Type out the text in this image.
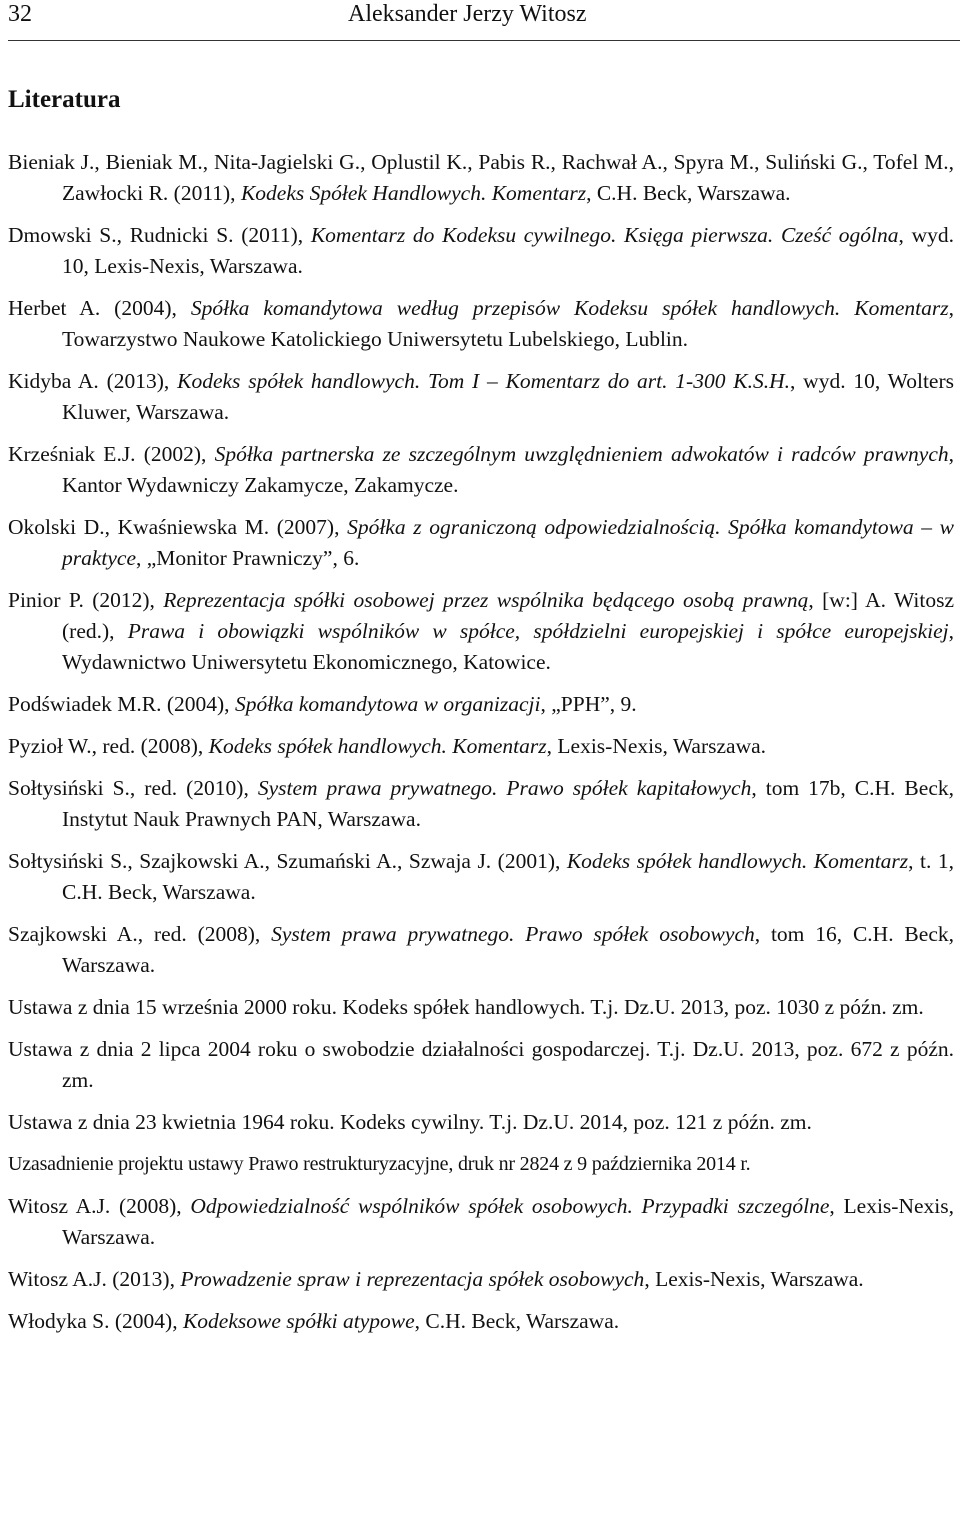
32	Aleksander Jerzy Witosz
Literatura
Bieniak J., Bieniak M., Nita-Jagielski G., Oplustil K., Pabis R., Rachwał A., Spyra M., Suliński G., Tofel M., Zawłocki R. (2011), Kodeks Spółek Handlowych. Komentarz, C.H. Beck, Warszawa.
Dmowski S., Rudnicki S. (2011), Komentarz do Kodeksu cywilnego. Księga pierwsza. Cześć ogólna, wyd. 10, Lexis-Nexis, Warszawa.
Herbet A. (2004), Spółka komandytowa według przepisów Kodeksu spółek handlowych. Komentarz, Towarzystwo Naukowe Katolickiego Uniwersytetu Lubelskiego, Lublin.
Kidyba A. (2013), Kodeks spółek handlowych. Tom I – Komentarz do art. 1-300 K.S.H., wyd. 10, Wolters Kluwer, Warszawa.
Krześniak E.J. (2002), Spółka partnerska ze szczególnym uwzględnieniem adwokatów i radców prawnych, Kantor Wydawniczy Zakamycze, Zakamycze.
Okolski D., Kwaśniewska M. (2007), Spółka z ograniczoną odpowiedzialnością. Spółka komandytowa – w praktyce, „Monitor Prawniczy”, 6.
Pinior P. (2012), Reprezentacja spółki osobowej przez wspólnika będącego osobą prawną, [w:] A. Witosz (red.), Prawa i obowiązki wspólników w spółce, spółdzielni europejskiej i spółce europejskiej, Wydawnictwo Uniwersytetu Ekonomicznego, Katowice.
Podświadek M.R. (2004), Spółka komandytowa w organizacji, „PPH”, 9.
Pyzioł W., red. (2008), Kodeks spółek handlowych. Komentarz, Lexis-Nexis, Warszawa.
Sołtysiński S., red. (2010), System prawa prywatnego. Prawo spółek kapitałowych, tom 17b, C.H. Beck, Instytut Nauk Prawnych PAN, Warszawa.
Sołtysiński S., Szajkowski A., Szumański A., Szwaja J. (2001), Kodeks spółek handlowych. Komentarz, t. 1, C.H. Beck, Warszawa.
Szajkowski A., red. (2008), System prawa prywatnego. Prawo spółek osobowych, tom 16, C.H. Beck, Warszawa.
Ustawa z dnia 15 września 2000 roku. Kodeks spółek handlowych. T.j. Dz.U. 2013, poz. 1030 z późn. zm.
Ustawa z dnia 2 lipca 2004 roku o swobodzie działalności gospodarczej. T.j. Dz.U. 2013, poz. 672 z późn. zm.
Ustawa z dnia 23 kwietnia 1964 roku. Kodeks cywilny. T.j. Dz.U. 2014, poz. 121 z późn. zm.
Uzasadnienie projektu ustawy Prawo restrukturyzacyjne, druk nr 2824 z 9 października 2014 r.
Witosz A.J. (2008), Odpowiedzialność wspólników spółek osobowych. Przypadki szczególne, Lexis-Nexis, Warszawa.
Witosz A.J. (2013), Prowadzenie spraw i reprezentacja spółek osobowych, Lexis-Nexis, Warszawa.
Włodyka S. (2004), Kodeksowe spółki atypowe, C.H. Beck, Warszawa.
